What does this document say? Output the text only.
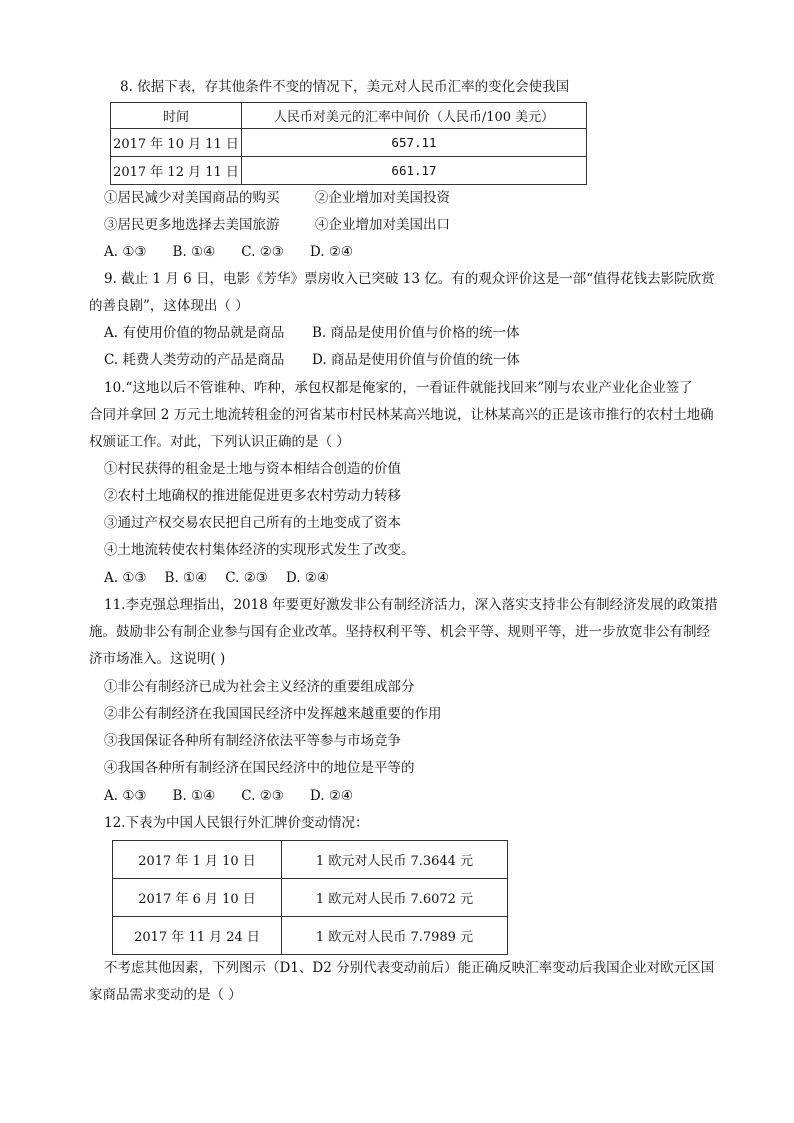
8. 依据下表，存其他条件不变的情况下，美元对人民币汇率的变化会使我国
时间	人民币对美元的汇率中间价（人民币/100 美元）
2017 年 10 月 11 日	657.11
2017 年 12 月 11 日	661.17
①居民减少对美国商品的购买	②企业增加对美国投资
③居民更多地选择去美国旅游	④企业增加对美国出口
A. ①③ B. ①④ C. ②③ D. ②④
9. 截止 1 月 6 日，电影《芳华》票房收入已突破 13 亿。有的观众评价这是一部“值得花钱去影院欣赏
的善良剧”，这体现出（ ）
A. 有使用价值的物品就是商品 B. 商品是使用价值与价格的统一体
C. 耗费人类劳动的产品是商品 D. 商品是使用价值与价值的统一体
10.“这地以后不管谁种、咋种，承包权都是俺家的，一看证件就能找回来”刚与农业产业化企业签了
合同并拿回 2 万元土地流转租金的河省某市村民林某高兴地说，让林某高兴的正是该市推行的农村土地确
权颁证工作。对此，下列认识正确的是（ ）
①村民获得的租金是土地与资本相结合创造的价值
②农村土地确权的推进能促进更多农村劳动力转移
③通过产权交易农民把自己所有的土地变成了资本
④土地流转使农村集体经济的实现形式发生了改变。
A. ①③ B. ①④ C. ②③ D. ②④
11.李克强总理指出，2018 年要更好激发非公有制经济活力，深入落实支持非公有制经济发展的政策措
施。鼓励非公有制企业参与国有企业改革。坚持权利平等、机会平等、规则平等，进一步放宽非公有制经
济市场准入。这说明( )
①非公有制经济已成为社会主义经济的重要组成部分
②非公有制经济在我国国民经济中发挥越来越重要的作用
③我国保证各种所有制经济依法平等参与市场竞争
④我国各种所有制经济在国民经济中的地位是平等的
A. ①③ B. ①④ C. ②③ D. ②④
12.下表为中国人民银行外汇牌价变动情况：
2017 年 1 月 10 日	1 欧元对人民币 7.3644 元
2017 年 6 月 10 日	1 欧元对人民币 7.6072 元
2017 年 11 月 24 日	1 欧元对人民币 7.7989 元
不考虑其他因素，下列图示（D1、D2 分别代表变动前后）能正确反映汇率变动后我国企业对欧元区国
家商品需求变动的是（ ）
